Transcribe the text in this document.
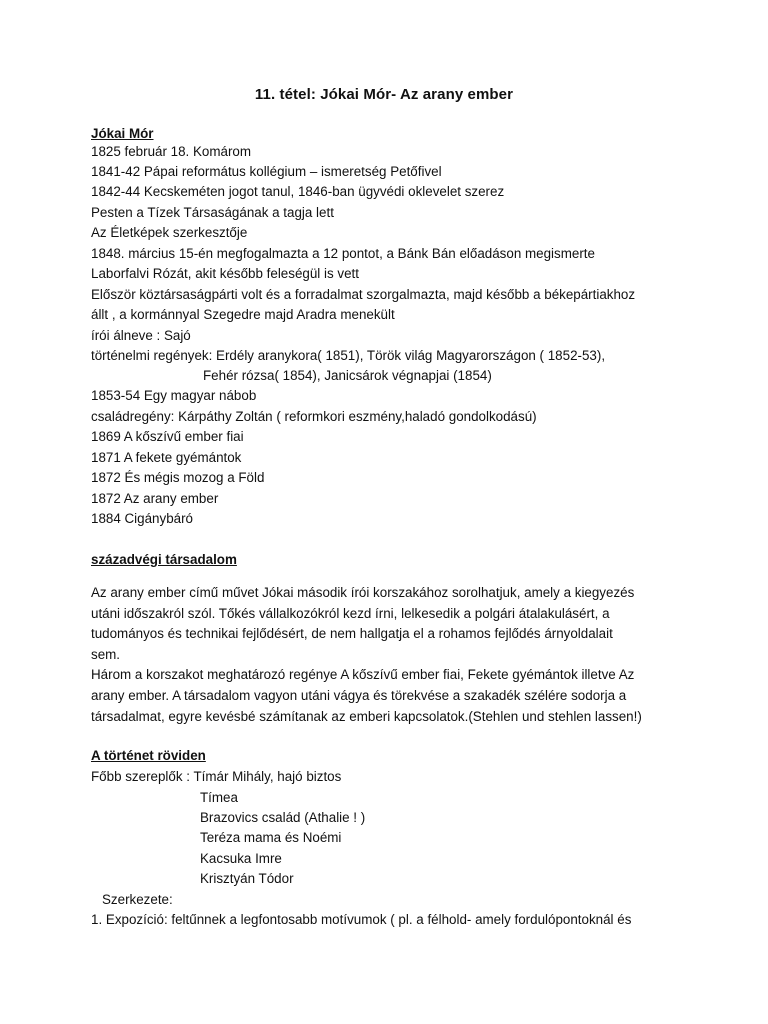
11. tétel: Jókai Mór- Az arany ember
Jókai Mór
1825 február 18. Komárom
1841-42 Pápai református kollégium – ismeretség Petőfivel
1842-44 Kecskeméten jogot tanul, 1846-ban ügyvédi oklevelet szerez
Pesten a Tízek Társaságának a tagja lett
Az Életképek szerkesztője
1848. március 15-én megfogalmazta a 12 pontot, a Bánk Bán előadáson megismerte
Laborfalvi Rózát, akit később feleségül is vett
Először köztársaságpárti volt és a forradalmat szorgalmazta, majd később a békepártiakhoz
állt , a kormánnyal Szegedre majd Aradra menekült
írói álneve : Sajó
történelmi regények: Erdély aranykora( 1851), Török világ Magyarországon ( 1852-53),
Fehér rózsa( 1854), Janicsárok végnapjai (1854)
1853-54 Egy magyar nábob
családregény: Kárpáthy Zoltán ( reformkori eszmény,haladó gondolkodású)
1869 A kőszívű ember fiai
1871 A fekete gyémántok
1872 És mégis mozog a Föld
1872 Az arany ember
1884 Cigánybáró
századvégi társadalom
Az arany ember című művet Jókai második írói korszakához sorolhatjuk, amely a kiegyezés
utáni időszakról szól. Tőkés vállalkozókról kezd írni, lelkesedik a polgári átalakulásért, a
tudományos és technikai fejlődésért, de nem hallgatja el a rohamos fejlődés árnyoldalait
sem.
Három a korszakot meghatározó regénye A kőszívű ember fiai, Fekete gyémántok illetve Az
arany ember. A társadalom vagyon utáni vágya és törekvése a szakadék szélére sodorja a
társadalmat, egyre kevésbé számítanak az emberi kapcsolatok.(Stehlen und stehlen lassen!)
A történet röviden
Főbb szereplők : Tímár Mihály, hajó biztos
Tímea
Brazovics család (Athalie ! )
Teréza mama és Noémi
Kacsuka Imre
Krisztyán Tódor
Szerkezete:
1. Expozíció: feltűnnek a legfontosabb motívumok ( pl. a félhold- amely fordulópontoknál és
